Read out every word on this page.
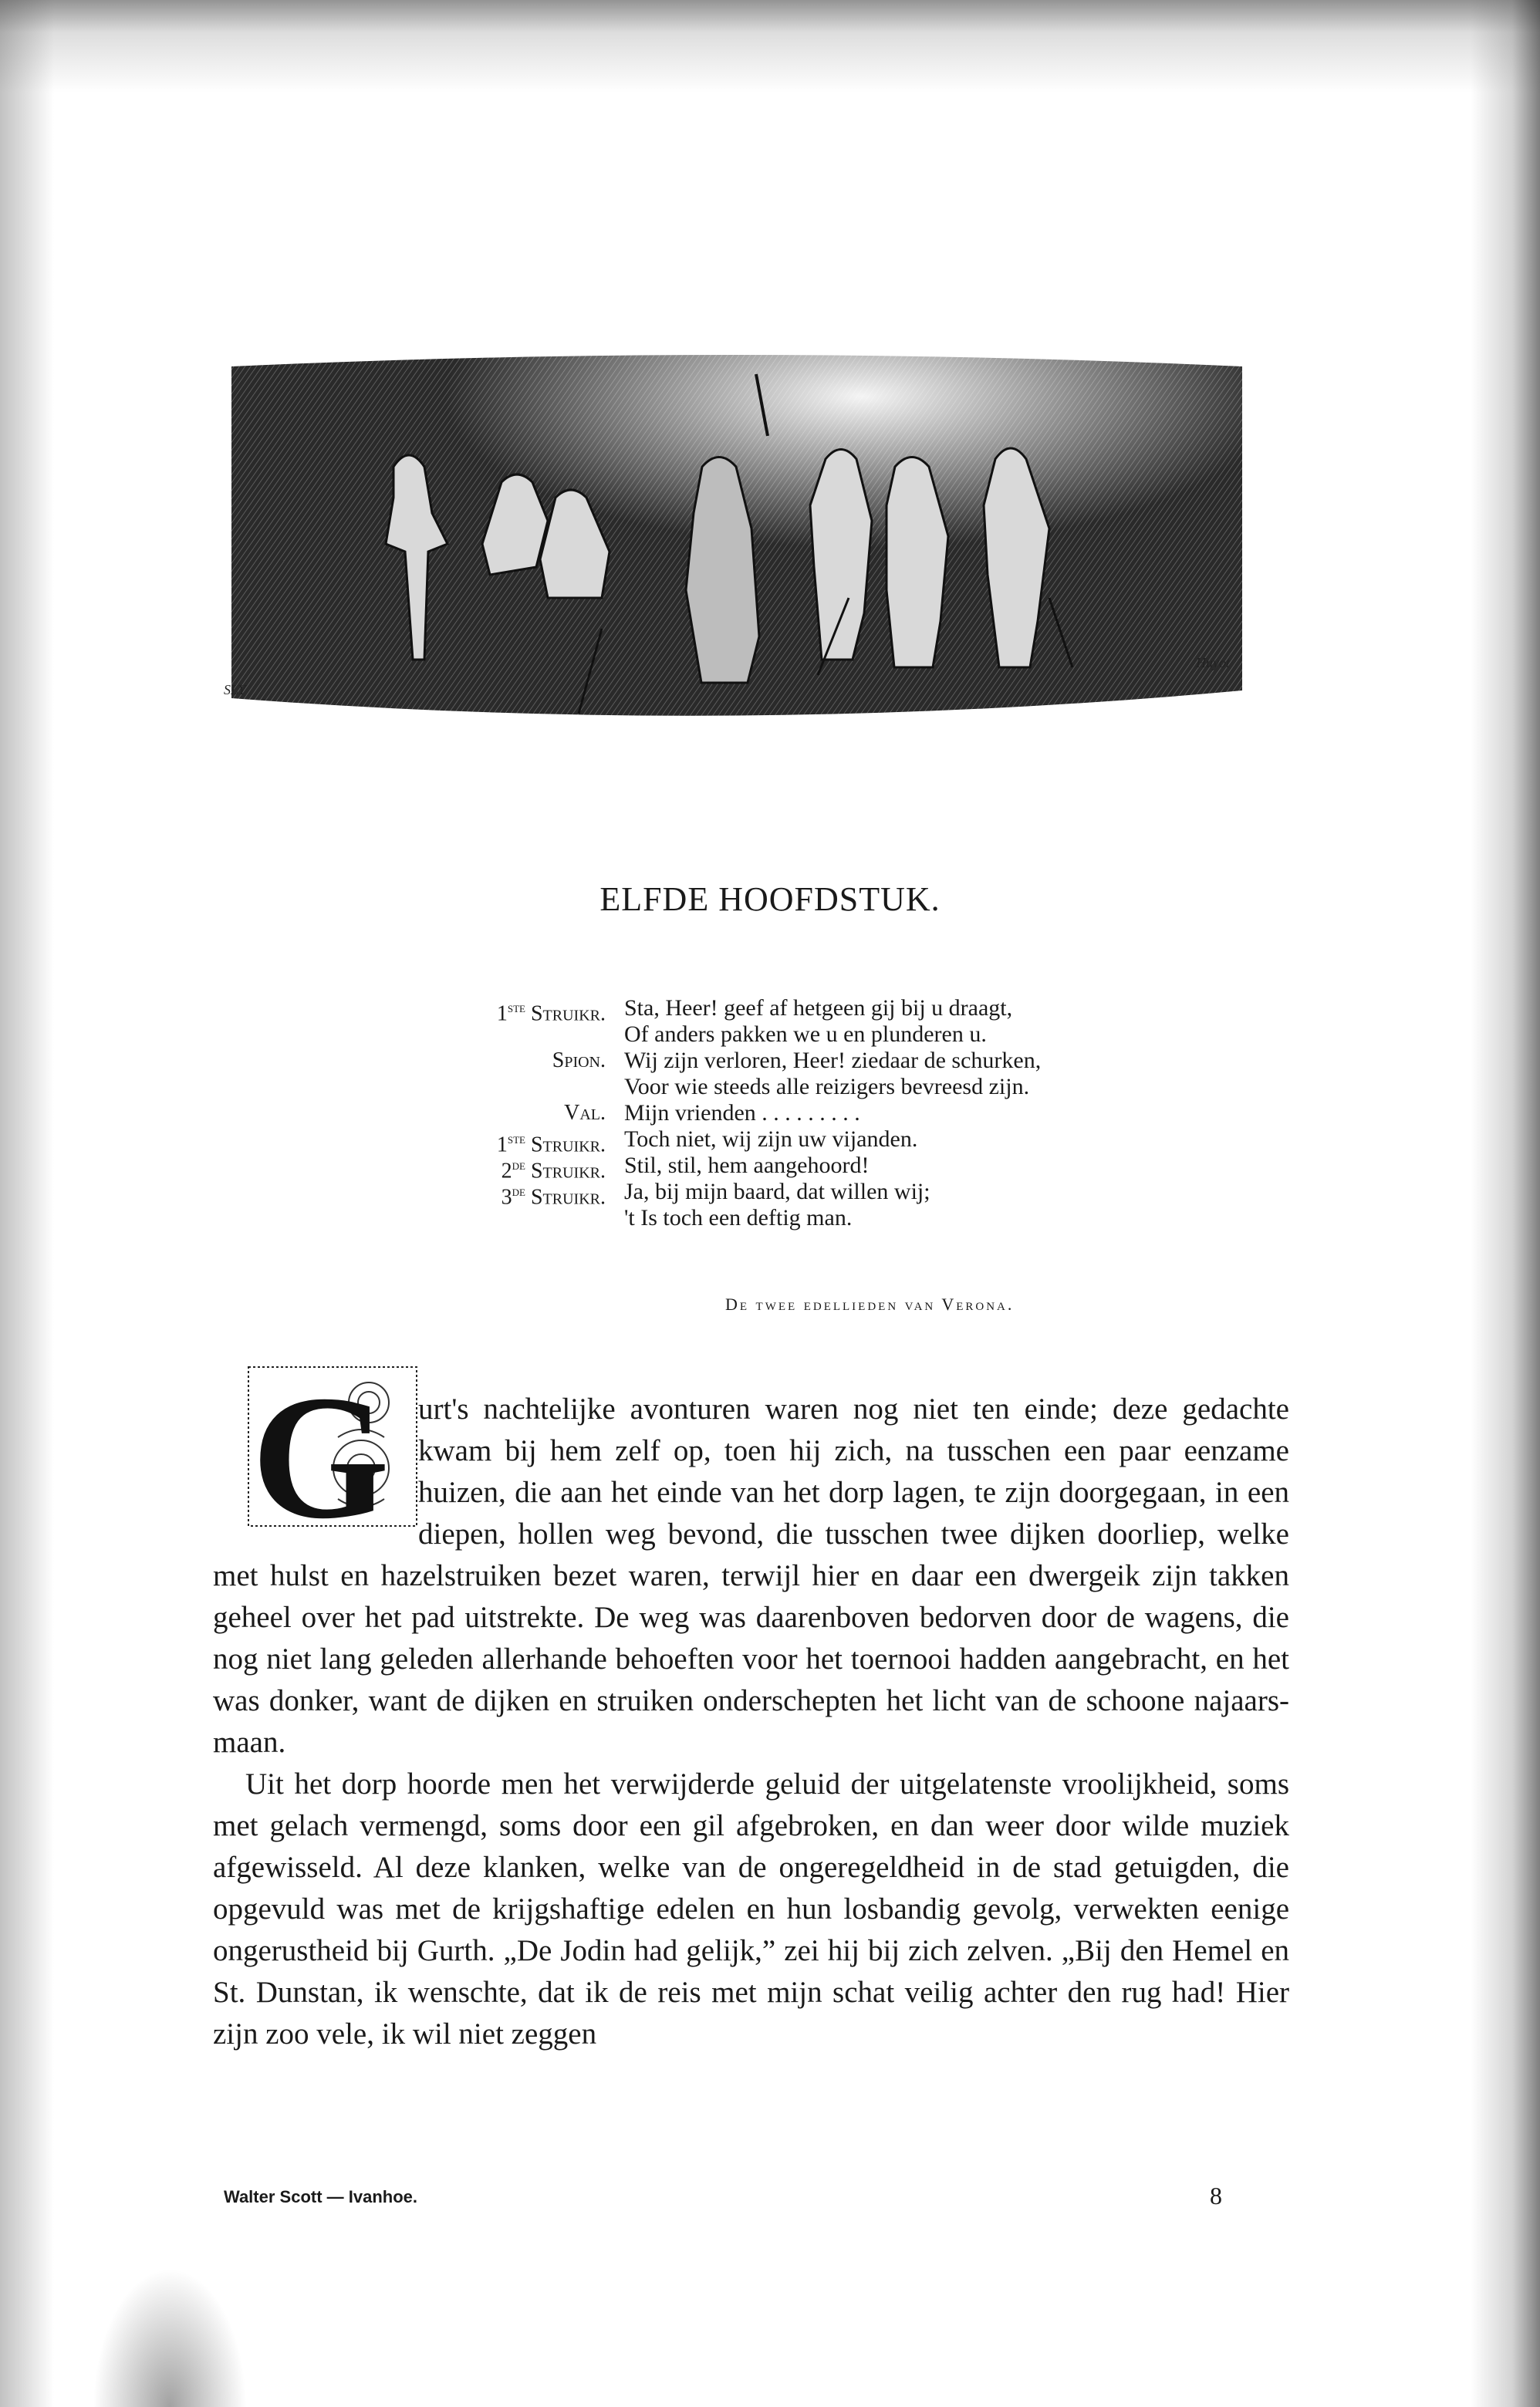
SLY
Huyot
ELFDE HOOFDSTUK.
1ste Struikr. Sta, Heer! geef af hetgeen gij bij u draagt,
Of anders pakken we u en plunderen u.
Spion. Wij zijn verloren, Heer! ziedaar de schurken,
Voor wie steeds alle reizigers bevreesd zijn.
Val. Mijn vrienden . . . . . . . . .
1ste Struikr. Toch niet, wij zijn uw vijanden.
2de Struikr. Stil, stil, hem aangehoord!
3de Struikr. Ja, bij mijn baard, dat willen wij;
't Is toch een deftig man.
De twee edellieden van Verona.
G urt's nachtelijke avonturen waren nog niet ten einde; deze gedachte kwam bij hem zelf op, toen hij zich, na tusschen een paar eenzame huizen, die aan het einde van het dorp lagen, te zijn doorgegaan, in een diepen, hollen weg bevond, die tusschen twee dijken doorliep, welke met hulst en hazelstruiken bezet waren, terwijl hier en daar een dwergeik zijn takken geheel over het pad uitstrekte. De weg was daarenboven bedorven door de wagens, die nog niet lang geleden allerhande behoeften voor het toernooi hadden aangebracht, en het was donker, want de dijken en struiken onderschepten het licht van de schoone najaars-maan.

Uit het dorp hoorde men het verwijderde geluid der uitgelatenste vroolijkheid, soms met gelach vermengd, soms door een gil afgebroken, en dan weer door wilde muziek afgewisseld. Al deze klanken, welke van de ongeregeldheid in de stad getuigden, die opgevuld was met de krijgshaftige edelen en hun losbandig gevolg, verwekten eenige ongerustheid bij Gurth. „De Jodin had gelijk,” zei hij bij zich zelven. „Bij den Hemel en St. Dunstan, ik wenschte, dat ik de reis met mijn schat veilig achter den rug had! Hier zijn zoo vele, ik wil niet zeggen

Walter Scott — Ivanhoe.	8
